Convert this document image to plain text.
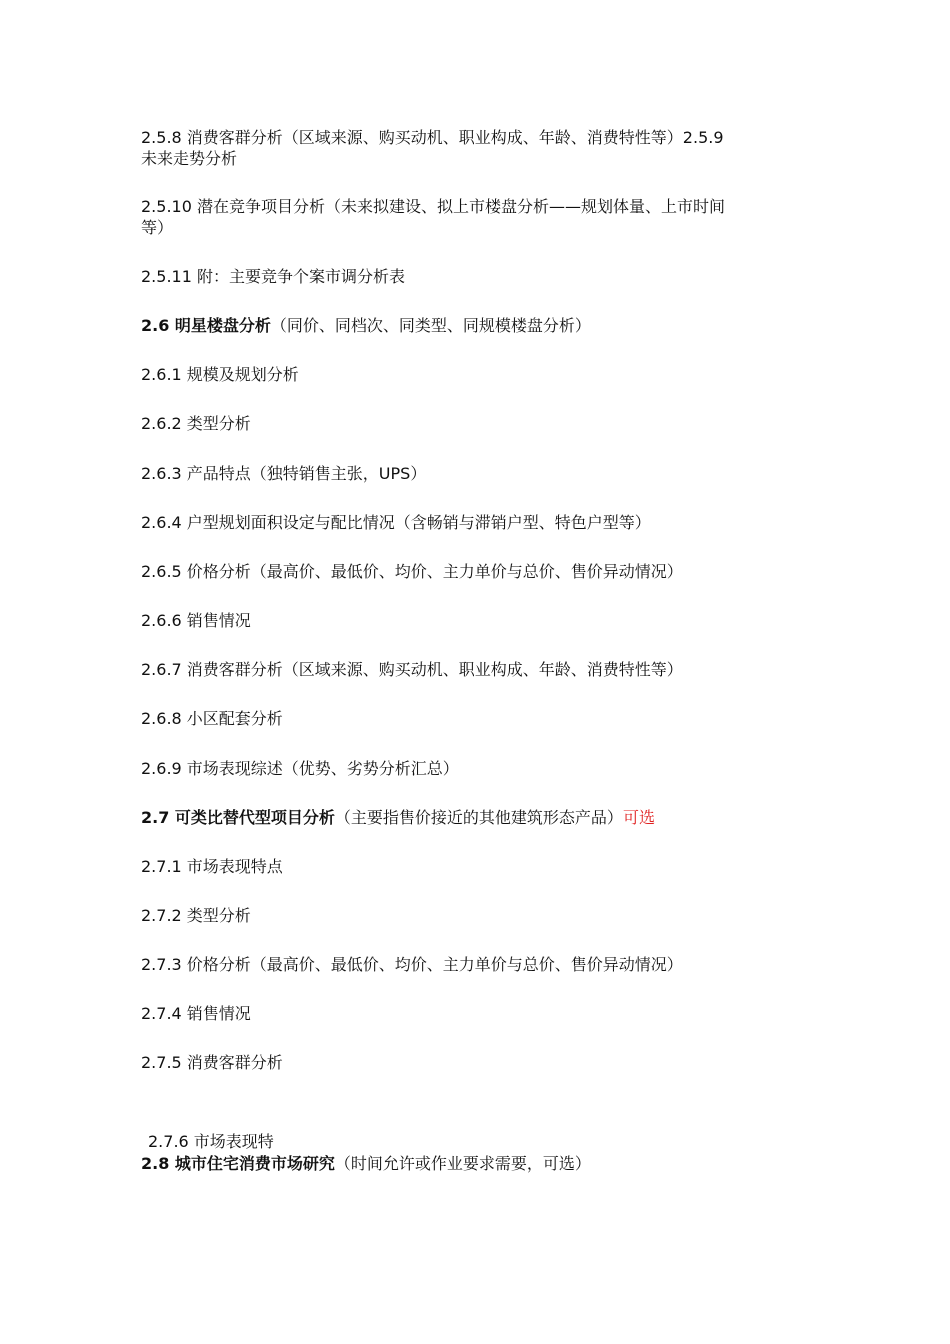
2.5.8 消费客群分析（区域来源、购买动机、职业构成、年龄、消费特性等）2.5.9

未来走势分析

2.5.10 潜在竞争项目分析（未来拟建设、拟上市楼盘分析——规划体量、上市时间

等）

2.5.11 附：主要竞争个案市调分析表

2.6 明星楼盘分析（同价、同档次、同类型、同规模楼盘分析）

2.6.1 规模及规划分析

2.6.2 类型分析

2.6.3 产品特点（独特销售主张，UPS）

2.6.4 户型规划面积设定与配比情况（含畅销与滞销户型、特色户型等）

2.6.5 价格分析（最高价、最低价、均价、主力单价与总价、售价异动情况）

2.6.6 销售情况

2.6.7 消费客群分析（区域来源、购买动机、职业构成、年龄、消费特性等）

2.6.8 小区配套分析

2.6.9 市场表现综述（优势、劣势分析汇总）

2.7 可类比替代型项目分析（主要指售价接近的其他建筑形态产品）可选

2.7.1 市场表现特点

2.7.2 类型分析

2.7.3 价格分析（最高价、最低价、均价、主力单价与总价、售价异动情况）

2.7.4 销售情况

2.7.5 消费客群分析

2.7.6 市场表现特

2.8 城市住宅消费市场研究（时间允许或作业要求需要，可选）
